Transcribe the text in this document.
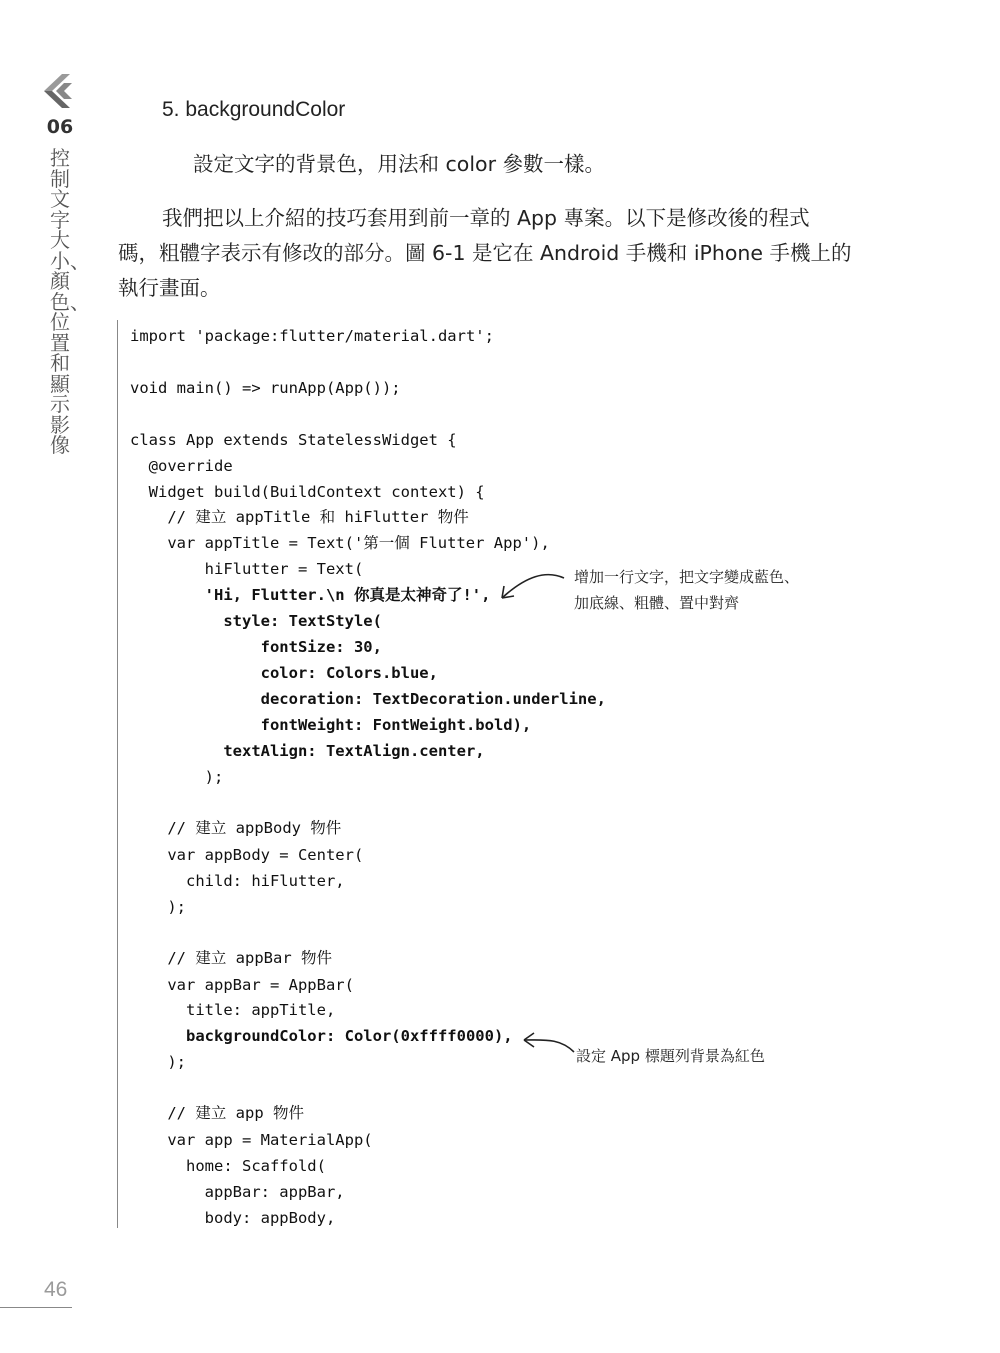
06
控制文字大小、顏色、位置和顯示影像
46
5. backgroundColor
設定文字的背景色，用法和 color 參數一樣。
我們把以上介紹的技巧套用到前一章的 App 專案。以下是修改後的程式
碼，粗體字表示有修改的部分。圖 6-1 是它在 Android 手機和 iPhone 手機上的
執行畫面。
import 'package:flutter/material.dart';
void main() => runApp(App());
class App extends StatelessWidget {
@override
Widget build(BuildContext context) {
// 建立 appTitle 和 hiFlutter 物件
var appTitle = Text('第一個 Flutter App'),
hiFlutter = Text(
'Hi, Flutter.\n 你真是太神奇了!',
style: TextStyle(
fontSize: 30,
color: Colors.blue,
decoration: TextDecoration.underline,
fontWeight: FontWeight.bold),
textAlign: TextAlign.center,
);
// 建立 appBody 物件
var appBody = Center(
child: hiFlutter,
);
// 建立 appBar 物件
var appBar = AppBar(
title: appTitle,
backgroundColor: Color(0xffff0000),
);
// 建立 app 物件
var app = MaterialApp(
home: Scaffold(
appBar: appBar,
body: appBody,
增加一行文字，把文字變成藍色、
加底線、粗體、置中對齊
設定 App 標題列背景為紅色
